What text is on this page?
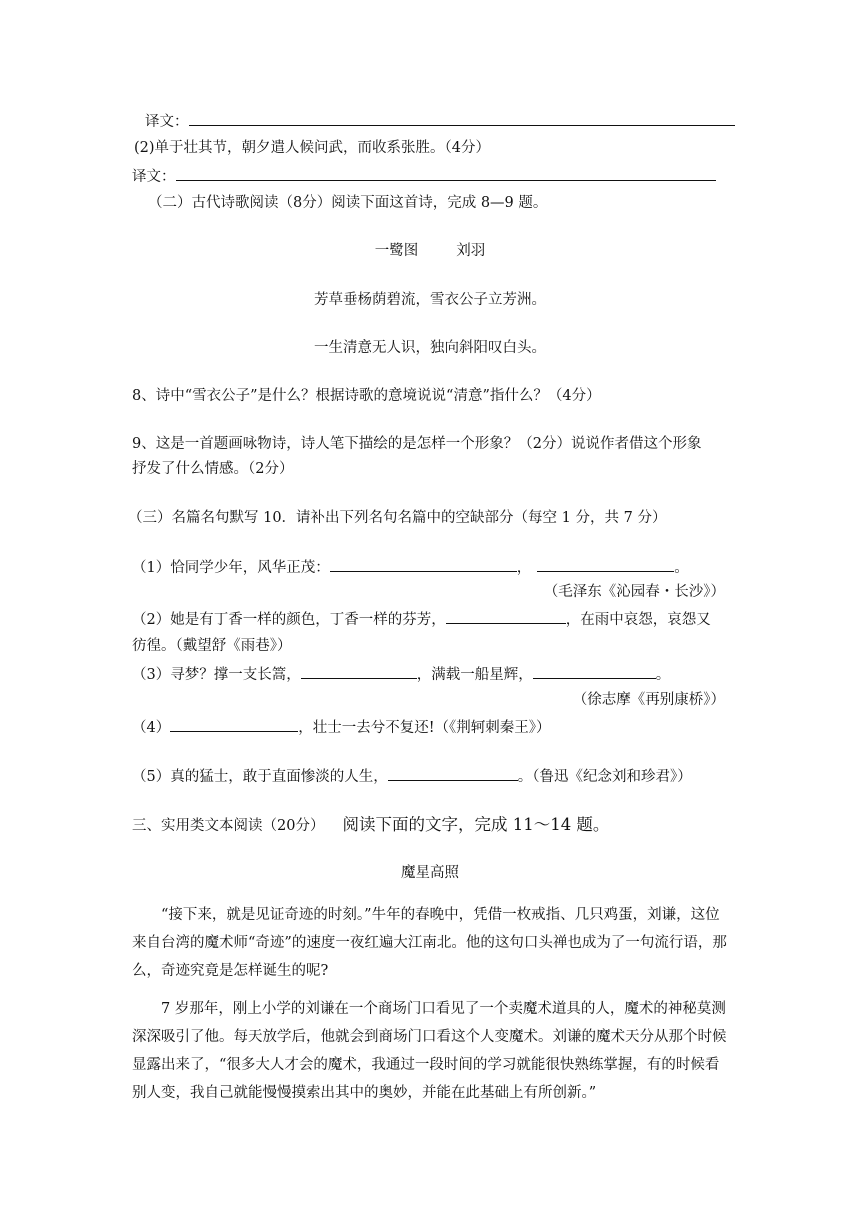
译文：
(2)单于壮其节，朝夕遣人候问武，而收系张胜。（4分）
译文：
（二）古代诗歌阅读（8分）阅读下面这首诗，完成 8—9 题。
一鹭图	刘羽
芳草垂杨荫碧流，雪衣公子立芳洲。
一生清意无人识，独向斜阳叹白头。
8、诗中“雪衣公子”是什么？根据诗歌的意境说说“清意”指什么？（4分）
9、这是一首题画咏物诗，诗人笔下描绘的是怎样一个形象？（2分）说说作者借这个形象
抒发了什么情感。（2分）
（三）名篇名句默写 10．请补出下列名句名篇中的空缺部分（每空 1 分，共 7 分）
（1）恰同学少年，风华正茂：	，	。
（毛泽东《沁园春・长沙》）
（2）她是有丁香一样的颜色，丁香一样的芬芳，	，在雨中哀怨，哀怨又
彷徨。（戴望舒《雨巷》）
（3）寻梦？撑一支长篙，	，满载一船星辉，	。
（徐志摩《再别康桥》）
（4）	，壮士一去兮不复还!（《荆轲刺秦王》）
（5）真的猛士，敢于直面惨淡的人生，	。（鲁迅《纪念刘和珍君》）
三、实用类文本阅读（20分） 阅读下面的文字，完成 11～14 题。
魔星高照

“接下来，就是见证奇迹的时刻。”牛年的春晚中，凭借一枚戒指、几只鸡蛋，刘谦，这位来自台湾的魔术师“奇迹”的速度一夜红遍大江南北。他的这句口头禅也成为了一句流行语，那么，奇迹究竟是怎样诞生的呢?

7 岁那年，刚上小学的刘谦在一个商场门口看见了一个卖魔术道具的人，魔术的神秘莫测深深吸引了他。每天放学后，他就会到商场门口看这个人变魔术。刘谦的魔术天分从那个时候显露出来了，“很多大人才会的魔术，我通过一段时间的学习就能很快熟练掌握，有的时候看别人变，我自己就能慢慢摸索出其中的奥妙，并能在此基础上有所创新。”
